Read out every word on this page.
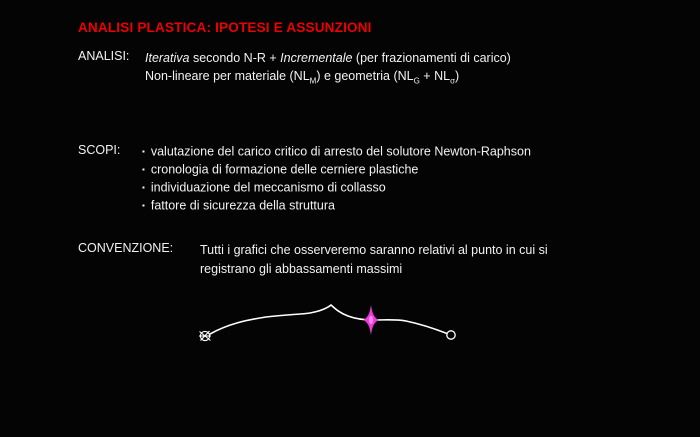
ANALISI PLASTICA: IPOTESI E ASSUNZIONI
ANALISI: Iterativa secondo N-R + Incrementale (per frazionamenti di carico)
Non-lineare per materiale $(NL_M)$ e geometria $(NL_G + NL_\sigma)$
SCOPI:	▪ valutazione del carico critico di arresto del solutore Newton-Raphson
▪ cronologia di formazione delle cerniere plastiche
▪ individuazione del meccanismo di collasso
▪ fattore di sicurezza della struttura
CONVENZIONE: Tutti i grafici che osserveremo saranno relativi al punto in cui si
registrano gli abbassamenti massimi
